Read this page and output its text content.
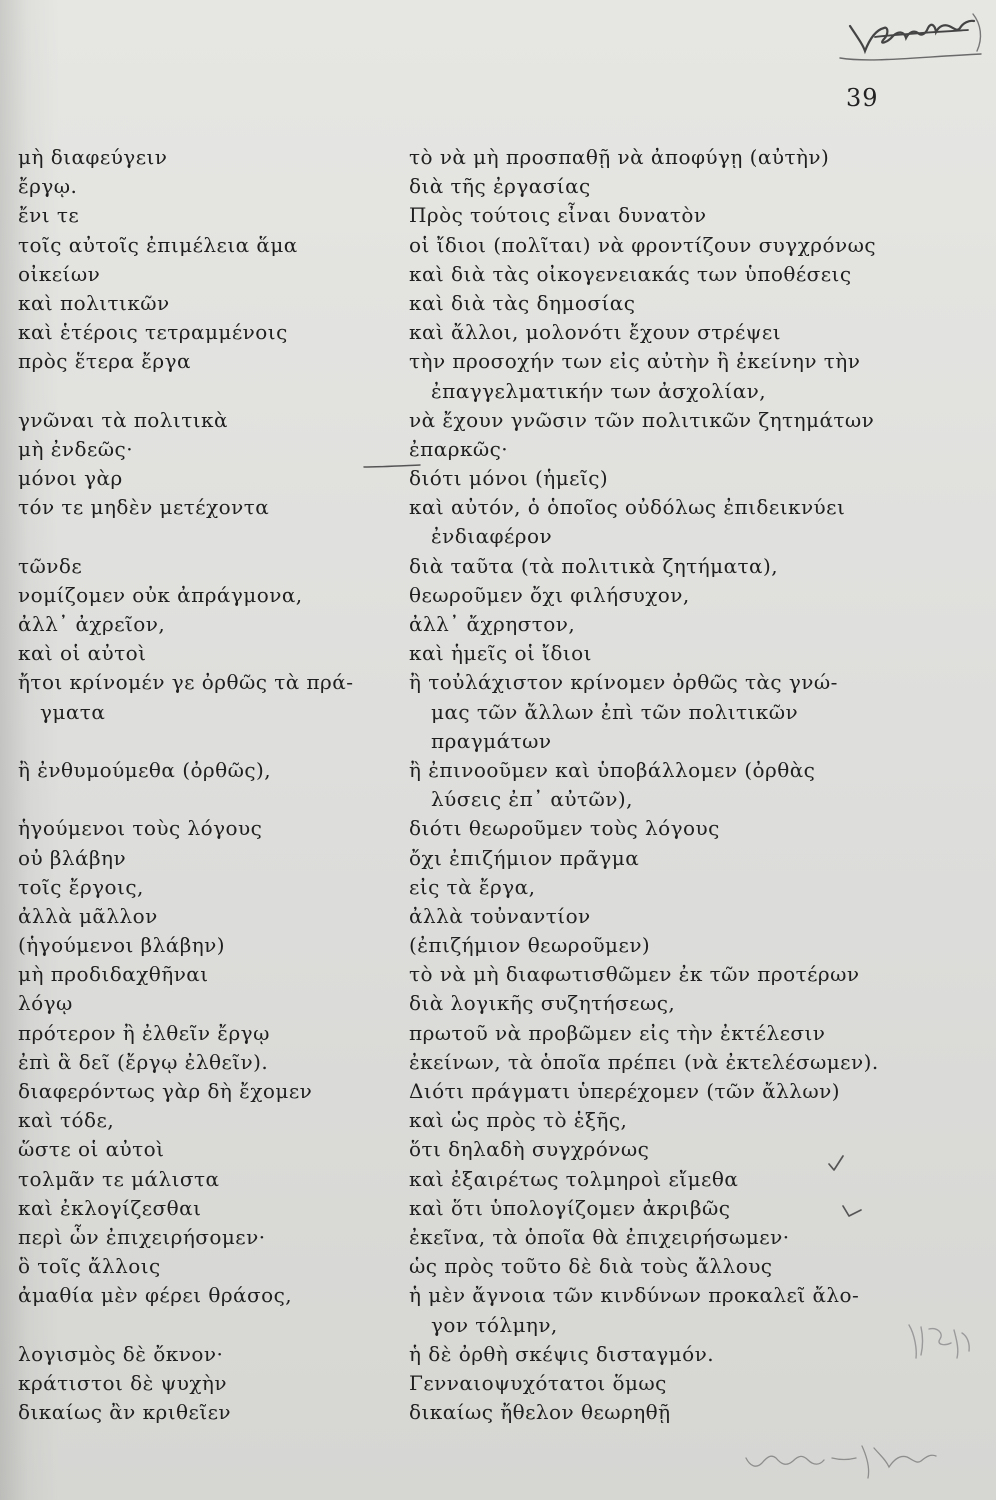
39
μὴ διαφεύγειν
ἔργῳ.
ἔνι τε
τοῖς αὐτοῖς ἐπιμέλεια ἅμα
οἰκείων
καὶ πολιτικῶν
καὶ ἑτέροις τετραμμένοις
πρὸς ἕτερα ἔργα
γνῶναι τὰ πολιτικὰ
μὴ ἐνδεῶς·
μόνοι γὰρ
τόν τε μηδὲν μετέχοντα
τῶνδε
νομίζομεν οὐκ ἀπράγμονα,
ἀλλ᾽ ἀχρεῖον,
καὶ οἱ αὐτοὶ
ἤτοι κρίνομέν γε ὀρθῶς τὰ πρά-
γματα
ἢ ἐνθυμούμεθα (ὀρθῶς),
ἡγούμενοι τοὺς λόγους
οὐ βλάβην
τοῖς ἔργοις,
ἀλλὰ μᾶλλον
(ἡγούμενοι βλάβην)
μὴ προδιδαχθῆναι
λόγῳ
πρότερον ἢ ἐλθεῖν ἔργῳ
ἐπὶ ἃ δεῖ (ἔργῳ ἐλθεῖν).
διαφερόντως γὰρ δὴ ἔχομεν
καὶ τόδε,
ὥστε οἱ αὐτοὶ
τολμᾶν τε μάλιστα
καὶ ἐκλογίζεσθαι
περὶ ὧν ἐπιχειρήσομεν·
ὃ τοῖς ἄλλοις
ἀμαθία μὲν φέρει θράσος,
λογισμὸς δὲ ὄκνον·
κράτιστοι δὲ ψυχὴν
δικαίως ἂν κριθεῖεν
τὸ νὰ μὴ προσπαθῇ νὰ ἀποφύγῃ (αὐτὴν)
διὰ τῆς ἐργασίας
Πρὸς τούτοις εἶναι δυνατὸν
οἱ ἴδιοι (πολῖται) νὰ φροντίζουν συγχρόνως
καὶ διὰ τὰς οἰκογενειακάς των ὑποθέσεις
καὶ διὰ τὰς δημοσίας
καὶ ἄλλοι, μολονότι ἔχουν στρέψει
τὴν προσοχήν των εἰς αὐτὴν ἢ ἐκείνην τὴν
ἐπαγγελματικήν των ἀσχολίαν,
νὰ ἔχουν γνῶσιν τῶν πολιτικῶν ζητημάτων
ἐπαρκῶς·
διότι μόνοι (ἡμεῖς)
καὶ αὐτόν, ὁ ὁποῖος οὐδόλως ἐπιδεικνύει
ἐνδιαφέρον
διὰ ταῦτα (τὰ πολιτικὰ ζητήματα),
θεωροῦμεν ὄχι φιλήσυχον,
ἀλλ᾽ ἄχρηστον,
καὶ ἡμεῖς οἱ ἴδιοι
ἢ τοὐλάχιστον κρίνομεν ὀρθῶς τὰς γνώ-
μας τῶν ἄλλων ἐπὶ τῶν πολιτικῶν
πραγμάτων
ἢ ἐπινοοῦμεν καὶ ὑποβάλλομεν (ὀρθὰς
λύσεις ἐπ᾽ αὐτῶν),
διότι θεωροῦμεν τοὺς λόγους
ὄχι ἐπιζήμιον πρᾶγμα
εἰς τὰ ἔργα,
ἀλλὰ τοὐναντίον
(ἐπιζήμιον θεωροῦμεν)
τὸ νὰ μὴ διαφωτισθῶμεν ἐκ τῶν προτέρων
διὰ λογικῆς συζητήσεως,
πρωτοῦ νὰ προβῶμεν εἰς τὴν ἐκτέλεσιν
ἐκείνων, τὰ ὁποῖα πρέπει (νὰ ἐκτελέσωμεν).
Διότι πράγματι ὑπερέχομεν (τῶν ἄλλων)
καὶ ὡς πρὸς τὸ ἑξῆς,
ὅτι δηλαδὴ συγχρόνως
καὶ ἐξαιρέτως τολμηροὶ εἴμεθα
καὶ ὅτι ὑπολογίζομεν ἀκριβῶς
ἐκεῖνα, τὰ ὁποῖα θὰ ἐπιχειρήσωμεν·
ὡς πρὸς τοῦτο δὲ διὰ τοὺς ἄλλους
ἡ μὲν ἄγνοια τῶν κινδύνων προκαλεῖ ἄλο-
γον τόλμην,
ἡ δὲ ὀρθὴ σκέψις δισταγμόν.
Γενναιοψυχότατοι ὅμως
δικαίως ἤθελον θεωρηθῇ
